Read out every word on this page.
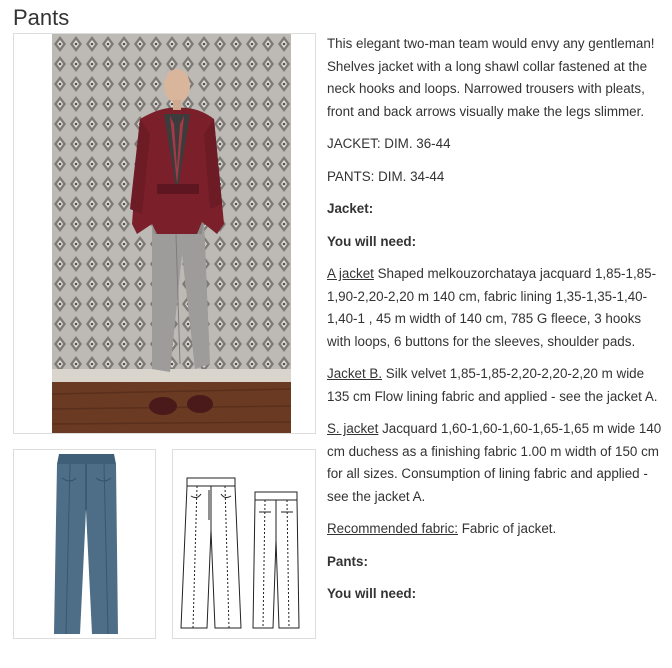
Pants

This elegant two-man team would envy any gentleman! Shelves jacket with a long shawl collar fastened at the neck hooks and loops. Narrowed trousers with pleats, front and back arrows visually make the legs slimmer.

JACKET: DIM. 36-44

PANTS: DIM. 34-44

Jacket:

You will need:

A jacket Shaped melkouzorchataya jacquard 1,85-1,85-1,90-2,20-2,20 m 140 cm, fabric lining 1,35-1,35-1,40-1,40-1 , 45 m width of 140 cm, 785 G fleece, 3 hooks with loops, 6 buttons for the sleeves, shoulder pads.

Jacket B. Silk velvet 1,85-1,85-2,20-2,20-2,20 m wide 135 cm Flow lining fabric and applied - see the jacket A.

S. jacket Jacquard 1,60-1,60-1,60-1,65-1,65 m wide 140 cm duchess as a finishing fabric 1.00 m width of 150 cm for all sizes. Consumption of lining fabric and applied - see the jacket A.

Recommended fabric: Fabric of jacket.

Pants:

You will need:
